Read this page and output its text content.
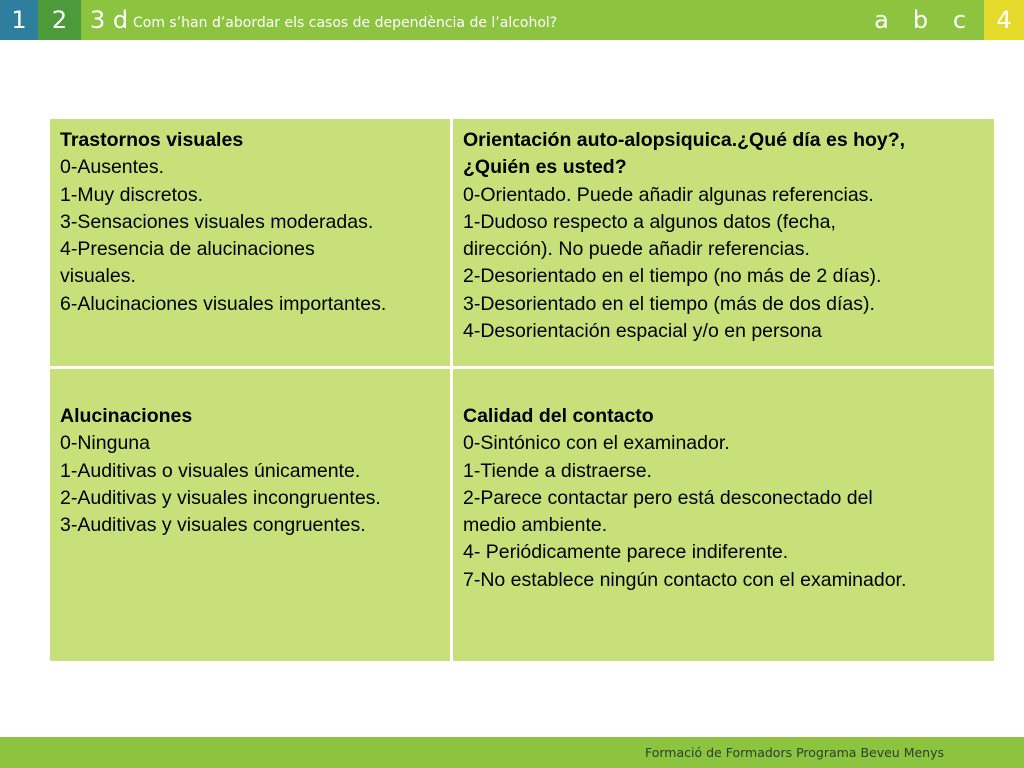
1	2 3 d Com s’han d’abordar els casos de dependència de l’alcohol?	a	b	c	4
Trastornos visuales
0-Ausentes.
1-Muy discretos.
3-Sensaciones visuales moderadas.
4-Presencia de alucinaciones
visuales.
6-Alucinaciones visuales importantes.
Orientación auto-alopsiquica.¿Qué día es hoy?,
¿Quién es usted?
0-Orientado. Puede añadir algunas referencias.
1-Dudoso respecto a algunos datos (fecha,
dirección). No puede añadir referencias.
2-Desorientado en el tiempo (no más de 2 días).
3-Desorientado en el tiempo (más de dos días).
4-Desorientación espacial y/o en persona
Alucinaciones
0-Ninguna
1-Auditivas o visuales únicamente.
2-Auditivas y visuales incongruentes.
3-Auditivas y visuales congruentes.
Calidad del contacto
0-Sintónico con el examinador.
1-Tiende a distraerse.
2-Parece contactar pero está desconectado del
medio ambiente.
4- Periódicamente parece indiferente.
7-No establece ningún contacto con el examinador.
Formació de Formadors Programa Beveu Menys
